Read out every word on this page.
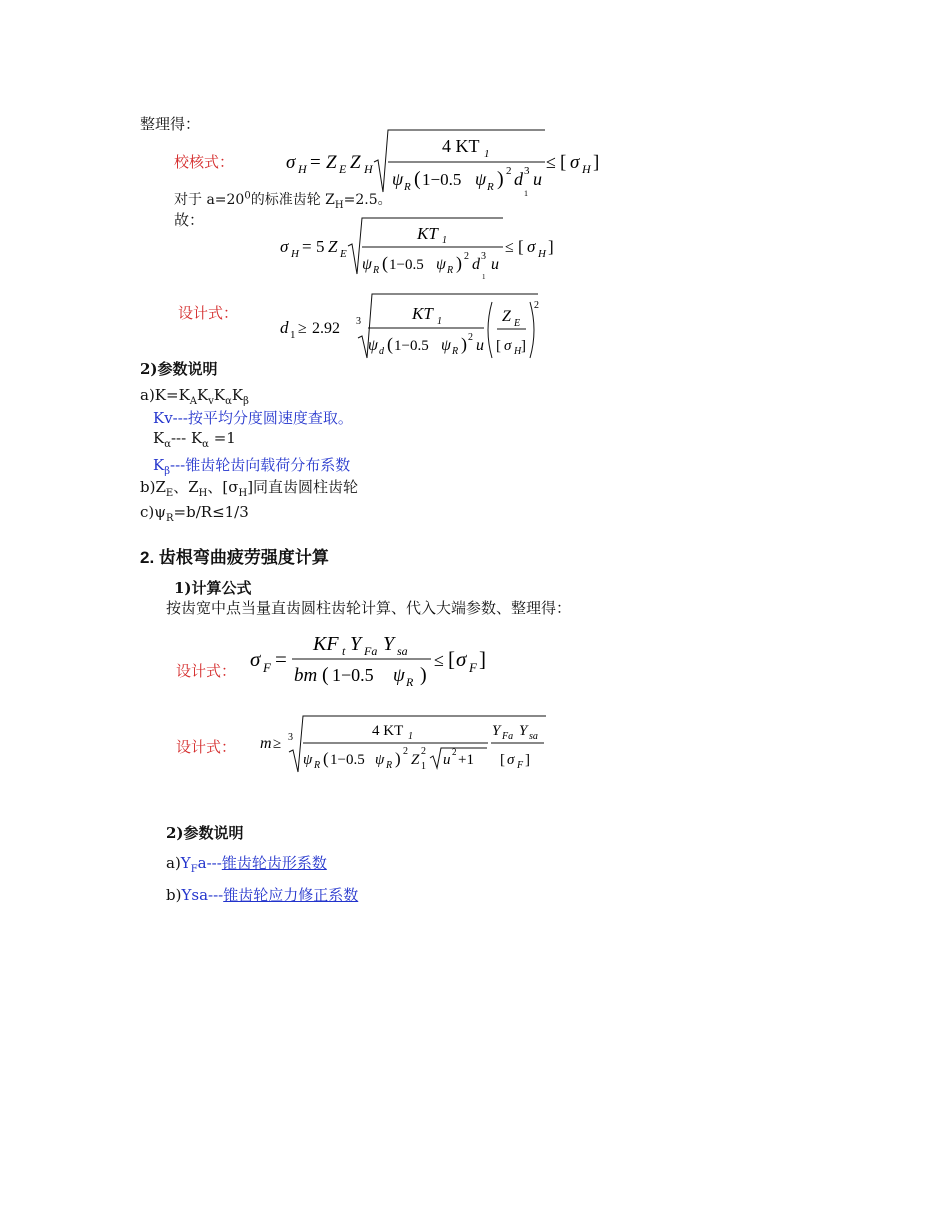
整理得：
校核式：	σ H = Z E Z H
4 KT 1
ψ R ( 1−0.5 ψ R ) 2 d 3
1
u
≤ [ σ H ]
对于 $a=20^0$的标准齿轮 $Z_H=2.5$。
故：
σ H = 5 Z E
KT 1
ψ R ( 1−0.5 ψ R ) 2 d 3
1
u
≤ [ σ H ]
设计式：
d 1 ≥ 2.92 3	KT 1
ψ d ( 1−0.5 ψ R ) 2 u
Z E
[ σ H ]
2
2)参数说明
$a)K=K_AK_vK_\alpha K_\beta$
Kv---按平均分度圆速度查取。
$K_\alpha---$ $K_\alpha =1$
$K_\beta---$锥齿轮齿向载荷分布系数
$b)Z_E$、$Z_H$、$[\sigma_H]$同直齿圆柱齿轮
$c)\psi_R=b/R\le 1/3$
2. 齿根弯曲疲劳强度计算
1)计算公式
按齿宽中点当量直齿圆柱齿轮计算、代入大端参数、整理得：
设计式： σ F =
KF t Y Fa Y sa
bm ( 1−0.5 ψ R )
≤ [ σ F ]
设计式： m ≥ 3	4 KT 1
ψ R ( 1−0.5 ψ R ) 2
Z
2
1 u 2 +1
Y Fa Y sa
[ σ F ]
2)参数说明
$a)Y_Fa---$锥齿轮齿形系数
b)Ysa---锥齿轮应力修正系数
